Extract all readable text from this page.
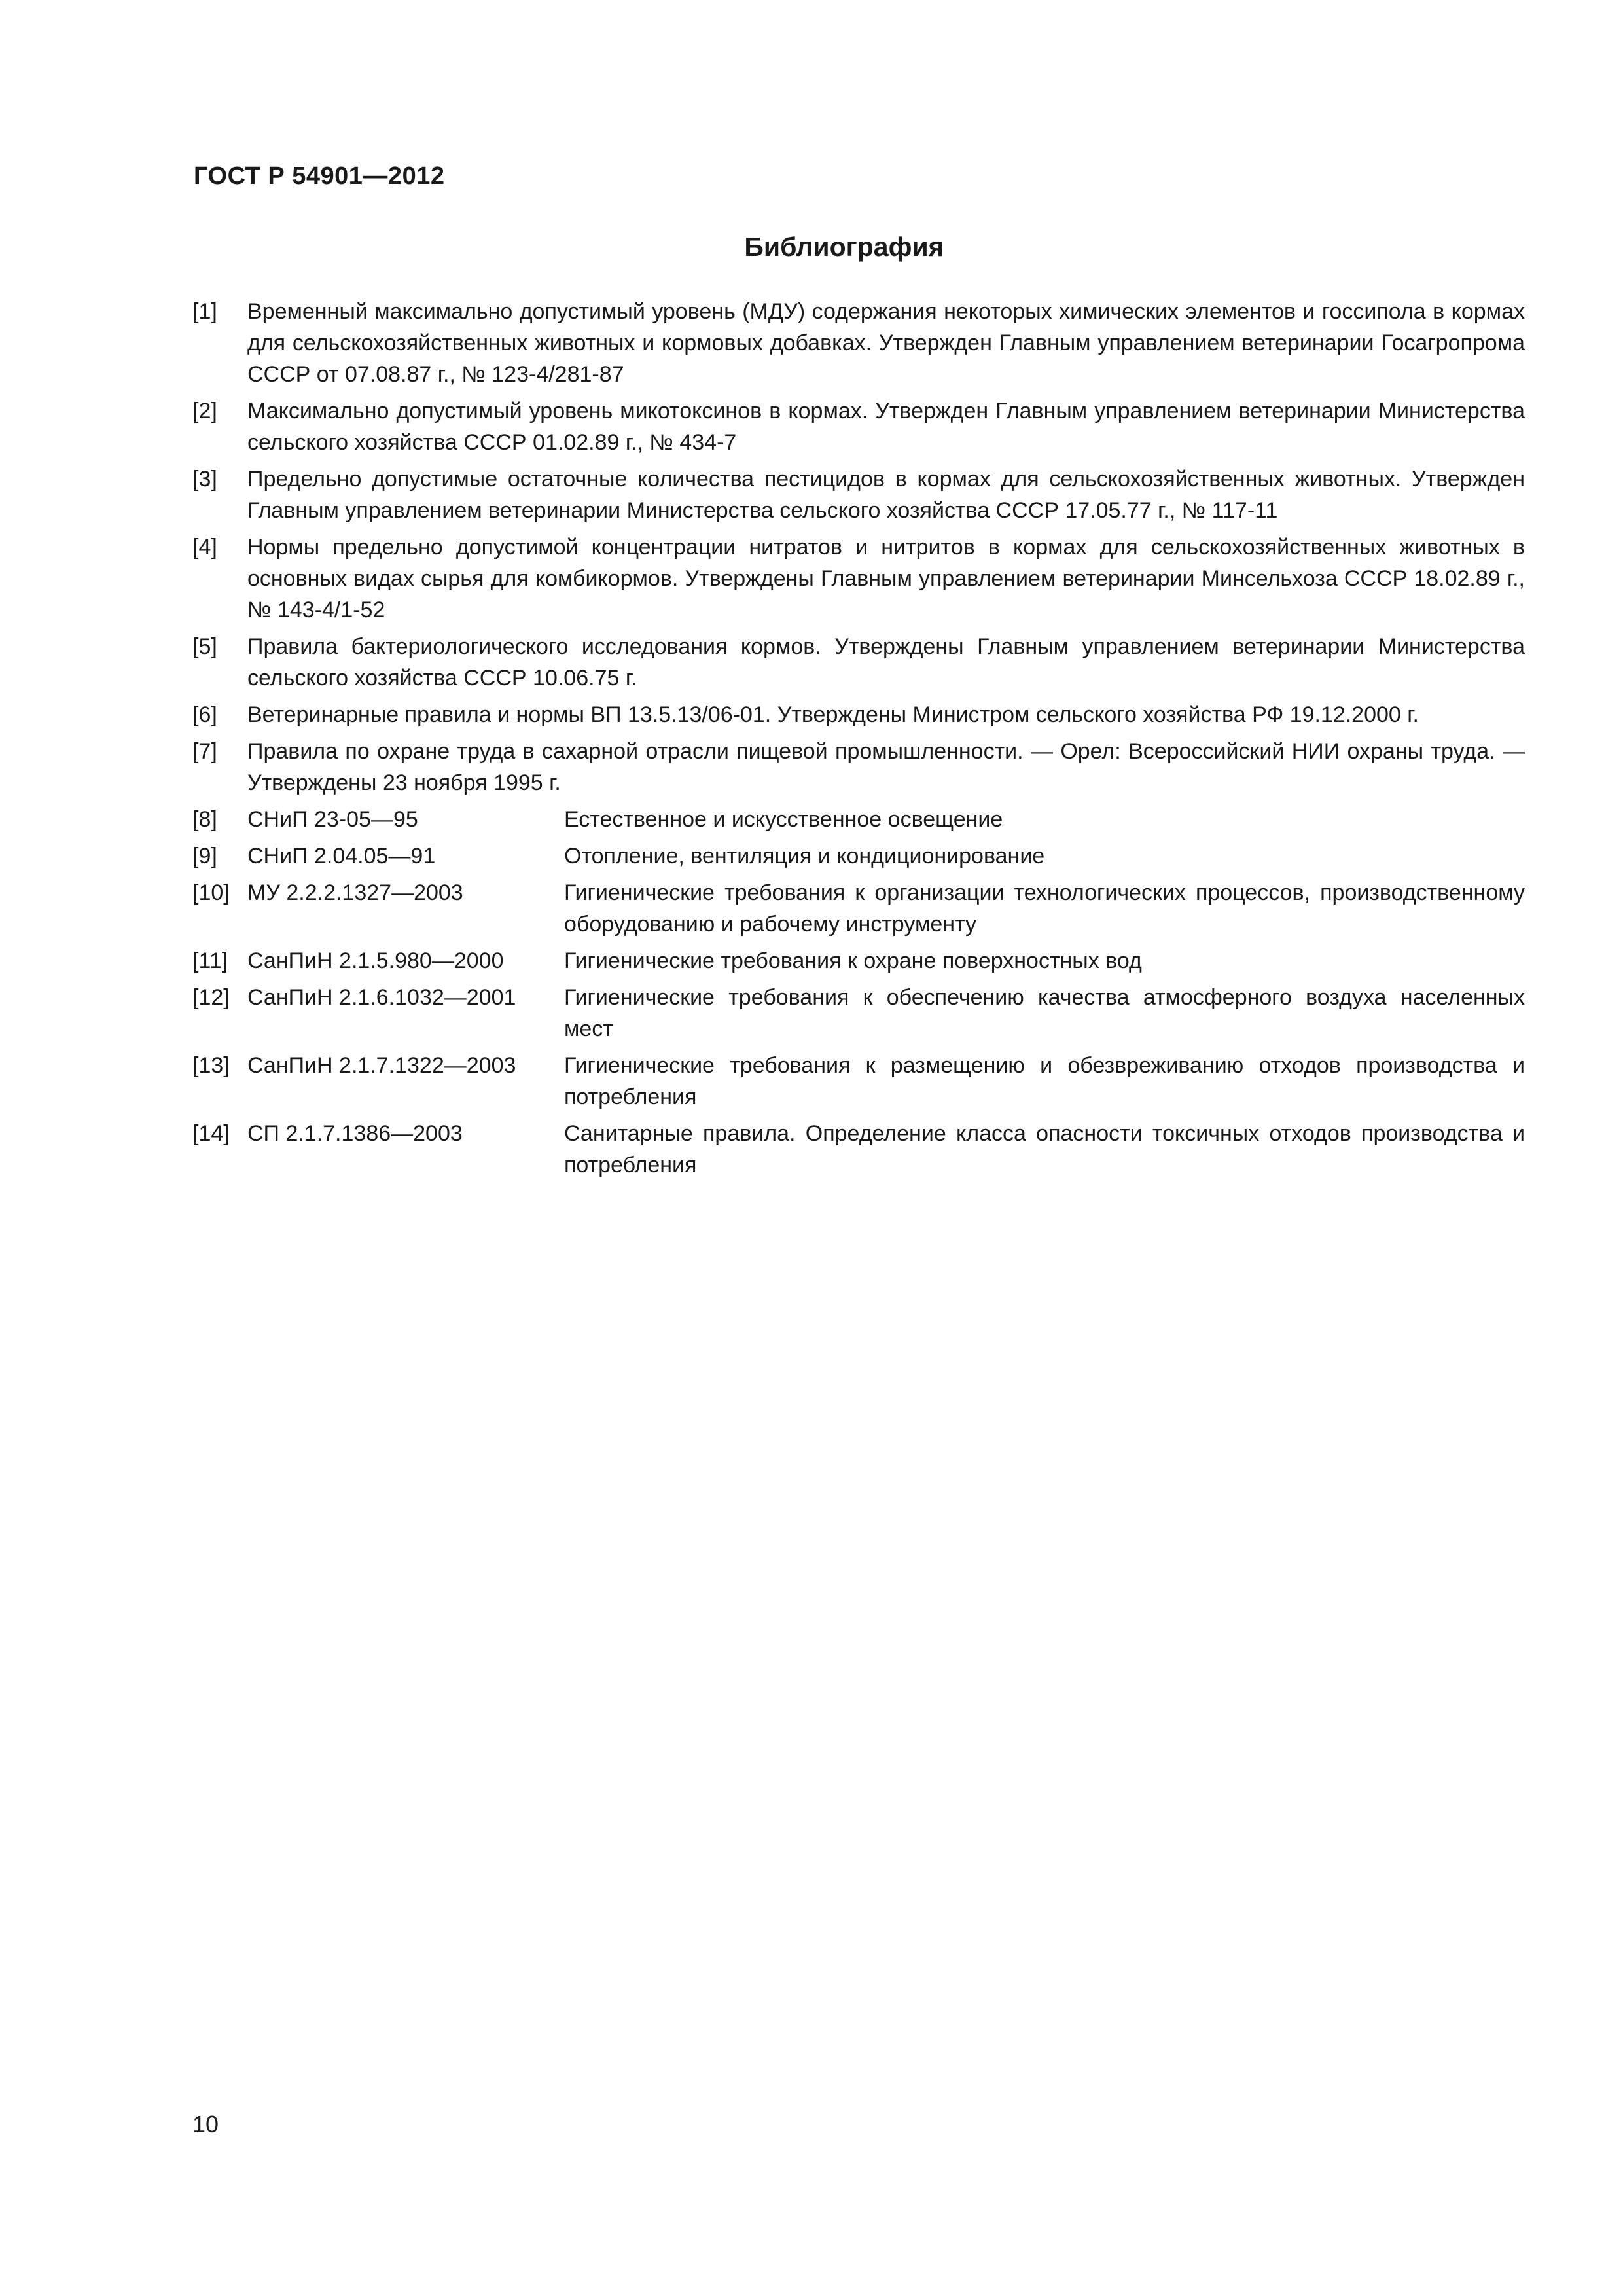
ГОСТ Р 54901—2012
Библиография
[1]	Временный максимально допустимый уровень (МДУ) содержания некоторых химических элементов и госсипола в кормах для сельскохозяйственных животных и кормовых добавках. Утвержден Главным управлением ветеринарии Госагропрома СССР от 07.08.87 г., № 123-4/281-87
[2]	Максимально допустимый уровень микотоксинов в кормах. Утвержден Главным управлением ветеринарии Министерства сельского хозяйства СССР 01.02.89 г., № 434-7
[3]	Предельно допустимые остаточные количества пестицидов в кормах для сельскохозяйственных животных. Утвержден Главным управлением ветеринарии Министерства сельского хозяйства СССР 17.05.77 г., № 117-11
[4]	Нормы предельно допустимой концентрации нитратов и нитритов в кормах для сельскохозяйственных животных в основных видах сырья для комбикормов. Утверждены Главным управлением ветеринарии Минсельхоза СССР 18.02.89 г., № 143-4/1-52
[5]	Правила бактериологического исследования кормов. Утверждены Главным управлением ветеринарии Министерства сельского хозяйства СССР 10.06.75 г.
[6]	Ветеринарные правила и нормы ВП 13.5.13/06-01. Утверждены Министром сельского хозяйства РФ 19.12.2000 г.
[7]	Правила по охране труда в сахарной отрасли пищевой промышленности. — Орел: Всероссийский НИИ охраны труда. — Утверждены 23 ноября 1995 г.
[8]	СНиП 23-05—95	Естественное и искусственное освещение
[9]	СНиП 2.04.05—91	Отопление, вентиляция и кондиционирование
[10] МУ 2.2.2.1327—2003	Гигиенические требования к организации технологических процессов, производственному оборудованию и рабочему инструменту
[11] СанПиН 2.1.5.980—2000	Гигиенические требования к охране поверхностных вод
[12] СанПиН 2.1.6.1032—2001	Гигиенические требования к обеспечению качества атмосферного воздуха населенных мест
[13] СанПиН 2.1.7.1322—2003	Гигиенические требования к размещению и обезвреживанию отходов производства и потребления
[14] СП 2.1.7.1386—2003	Санитарные правила. Определение класса опасности токсичных отходов производства и потребления
10
